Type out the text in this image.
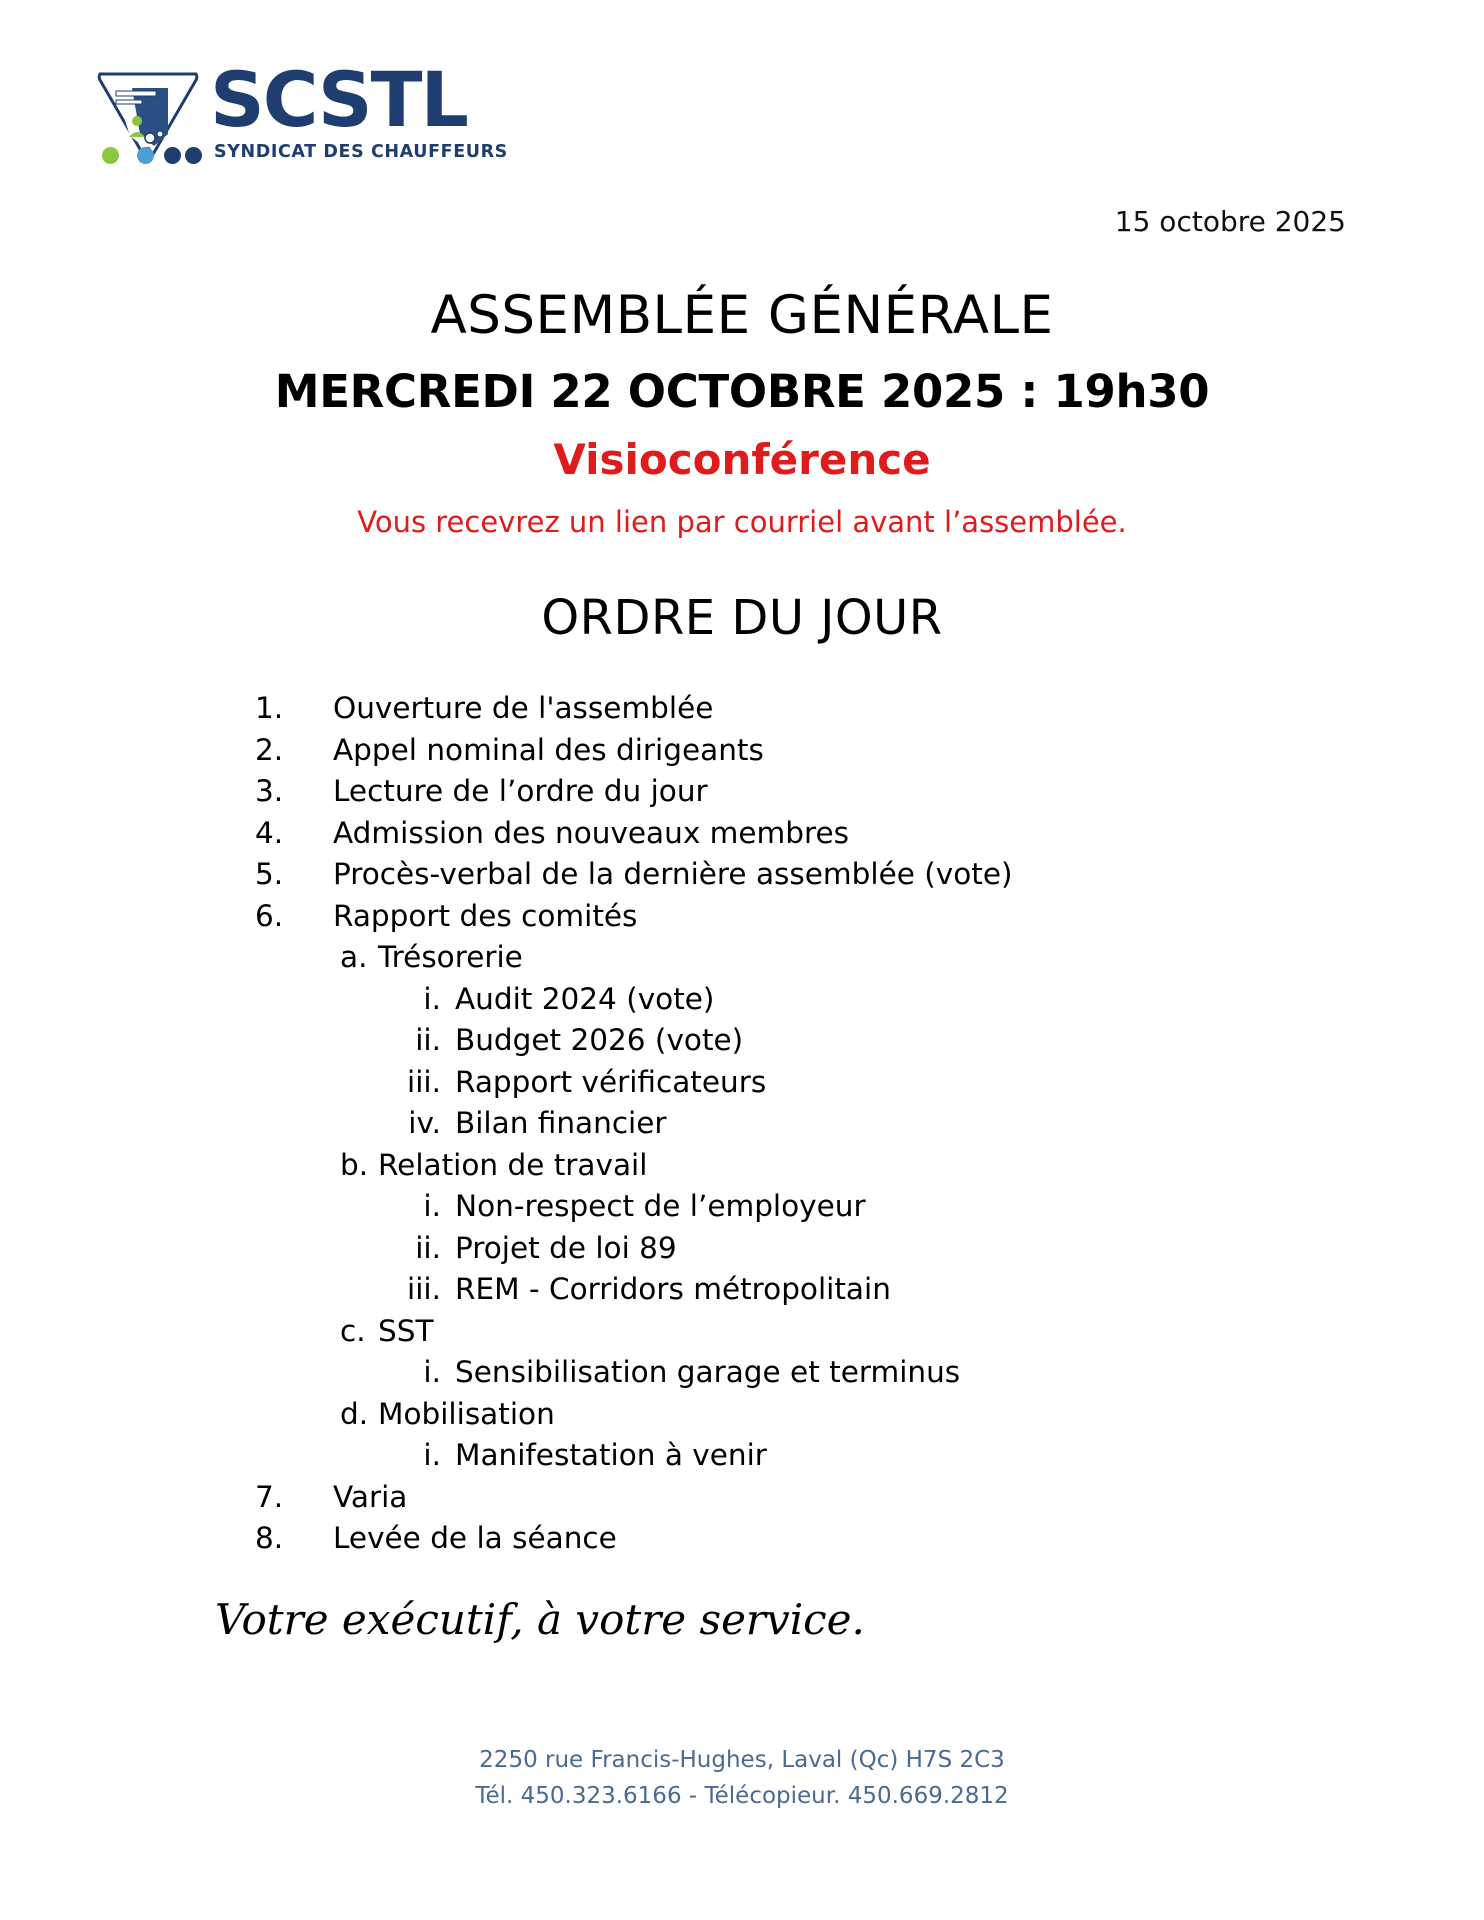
SCSTL
SYNDICAT DES CHAUFFEURS
15 octobre 2025
ASSEMBLÉE GÉNÉRALE
MERCREDI 22 OCTOBRE 2025 : 19h30
Visioconférence
Vous recevrez un lien par courriel avant l’assemblée.
ORDRE DU JOUR
1.	Ouverture de l'assemblée
2.	Appel nominal des dirigeants
3.	Lecture de l’ordre du jour
4.	Admission des nouveaux membres
5.	Procès-verbal de la dernière assemblée (vote)
6.	Rapport des comités
a. Trésorerie
i. Audit 2024 (vote)
ii. Budget 2026 (vote)
iii. Rapport vérificateurs
iv. Bilan financier
b. Relation de travail
i. Non-respect de l’employeur
ii. Projet de loi 89
iii. REM - Corridors métropolitain
c. SST
i. Sensibilisation garage et terminus
d. Mobilisation
i. Manifestation à venir
7.	Varia
8.	Levée de la séance
Votre exécutif, à votre service.
2250 rue Francis-Hughes, Laval (Qc) H7S 2C3
Tél. 450.323.6166 - Télécopieur. 450.669.2812
